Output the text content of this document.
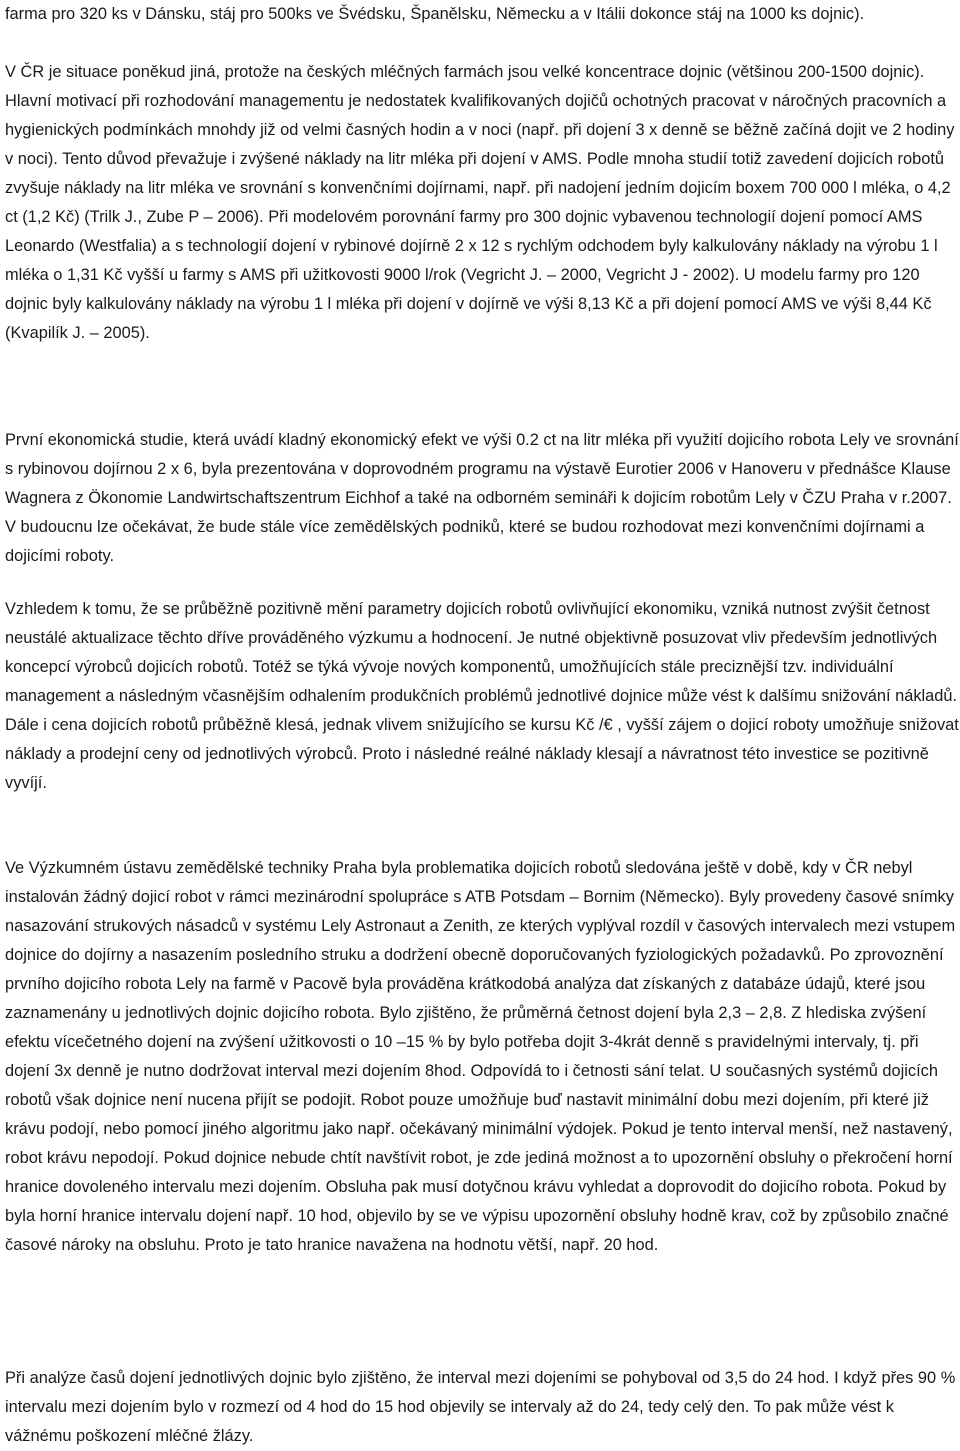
farma pro 320 ks v Dánsku, stáj pro 500ks ve Švédsku, Španělsku, Německu a v Itálii dokonce stáj na 1000 ks dojnic).

V ČR je situace poněkud jiná, protože na českých mléčných farmách jsou velké koncentrace dojnic (většinou 200-1500 dojnic). Hlavní motivací při rozhodování managementu je nedostatek kvalifikovaných dojičů ochotných pracovat v náročných pracovních a hygienických podmínkách mnohdy již od velmi časných hodin a v noci (např. při dojení 3 x denně se běžně začíná dojit ve 2 hodiny v noci). Tento důvod převažuje i zvýšené náklady na litr mléka při dojení v AMS. Podle mnoha studií totiž zavedení dojicích robotů zvyšuje náklady na litr mléka ve srovnání s konvenčními dojírnami, např. při nadojení jedním dojicím boxem 700 000 l mléka, o 4,2 ct (1,2 Kč) (Trilk J., Zube P – 2006). Při modelovém porovnání farmy pro 300 dojnic vybavenou technologií dojení pomocí AMS Leonardo (Westfalia) a s technologií dojení v rybinové dojírně 2 x 12 s rychlým odchodem byly kalkulovány náklady na výrobu 1 l mléka o 1,31 Kč vyšší u farmy s AMS při užitkovosti 9000 l/rok (Vegricht J. – 2000, Vegricht J - 2002). U modelu farmy pro 120 dojnic byly kalkulovány náklady na výrobu 1 l mléka při dojení v dojírně ve výši 8,13 Kč a při dojení pomocí AMS ve výši 8,44 Kč (Kvapilík J. – 2005).

První ekonomická studie, která uvádí kladný ekonomický efekt ve výši 0.2 ct na litr mléka při využití dojicího robota Lely ve srovnání s rybinovou dojírnou 2 x 6, byla prezentována v doprovodném programu na výstavě Eurotier 2006 v Hanoveru v přednášce Klause Wagnera z Ökonomie Landwirtschaftszentrum Eichhof a také na odborném semináři k dojicím robotům Lely v ČZU Praha v r.2007. V budoucnu lze očekávat, že bude stále více zemědělských podniků, které se budou rozhodovat mezi konvenčními dojírnami a dojicími roboty.

Vzhledem k tomu, že se průběžně pozitivně mění parametry dojicích robotů ovlivňující ekonomiku, vzniká nutnost zvýšit četnost neustálé aktualizace těchto dříve prováděného výzkumu a hodnocení. Je nutné objektivně posuzovat vliv především jednotlivých koncepcí výrobců dojicích robotů. Totéž se týká vývoje nových komponentů, umožňujících stále preciznější tzv. individuální management a následným včasnějším odhalením produkčních problémů jednotlivé dojnice může vést k dalšímu snižování nákladů. Dále i cena dojicích robotů průběžně klesá, jednak vlivem snižujícího se kursu Kč /€ , vyšší zájem o dojicí roboty umožňuje snižovat náklady a prodejní ceny od jednotlivých výrobců. Proto i následné reálné náklady klesají a návratnost této investice se pozitivně vyvíjí.

Ve Výzkumném ústavu zemědělské techniky Praha byla problematika dojicích robotů sledována ještě v době, kdy v ČR nebyl instalován žádný dojicí robot v rámci mezinárodní spolupráce s ATB Potsdam – Bornim (Německo). Byly provedeny časové snímky nasazování strukových násadců v systému Lely Astronaut a Zenith, ze kterých vyplýval rozdíl v časových intervalech mezi vstupem dojnice do dojírny a nasazením posledního struku a dodržení obecně doporučovaných fyziologických požadavků. Po zprovoznění prvního dojicího robota Lely na farmě v Pacově byla prováděna krátkodobá analýza dat získaných z databáze údajů, které jsou zaznamenány u jednotlivých dojnic dojicího robota. Bylo zjištěno, že průměrná četnost dojení byla 2,3 – 2,8. Z hlediska zvýšení efektu vícečetného dojení na zvýšení užitkovosti o 10 –15 % by bylo potřeba dojit 3-4krát denně s pravidelnými intervaly, tj. při dojení 3x denně je nutno dodržovat interval mezi dojením 8hod. Odpovídá to i četnosti sání telat. U současných systémů dojicích robotů však dojnice není nucena přijít se podojit. Robot pouze umožňuje buď nastavit minimální dobu mezi dojením, při které již krávu podojí, nebo pomocí jiného algoritmu jako např. očekávaný minimální výdojek. Pokud je tento interval menší, než nastavený, robot krávu nepodojí. Pokud dojnice nebude chtít navštívit robot, je zde jediná možnost a to upozornění obsluhy o překročení horní hranice dovoleného intervalu mezi dojením. Obsluha pak musí dotyčnou krávu vyhledat a doprovodit do dojicího robota. Pokud by byla horní hranice intervalu dojení např. 10 hod, objevilo by se ve výpisu upozornění obsluhy hodně krav, což by způsobilo značné časové nároky na obsluhu. Proto je tato hranice navažena na hodnotu větší, např. 20 hod.

Při analýze časů dojení jednotlivých dojnic bylo zjištěno, že interval mezi dojeními se pohyboval od 3,5 do 24 hod. I když přes 90 % intervalu mezi dojením bylo v rozmezí od 4 hod do 15 hod objevily se intervaly až do 24, tedy celý den. To pak může vést k vážnému poškození mléčné žlázy.
